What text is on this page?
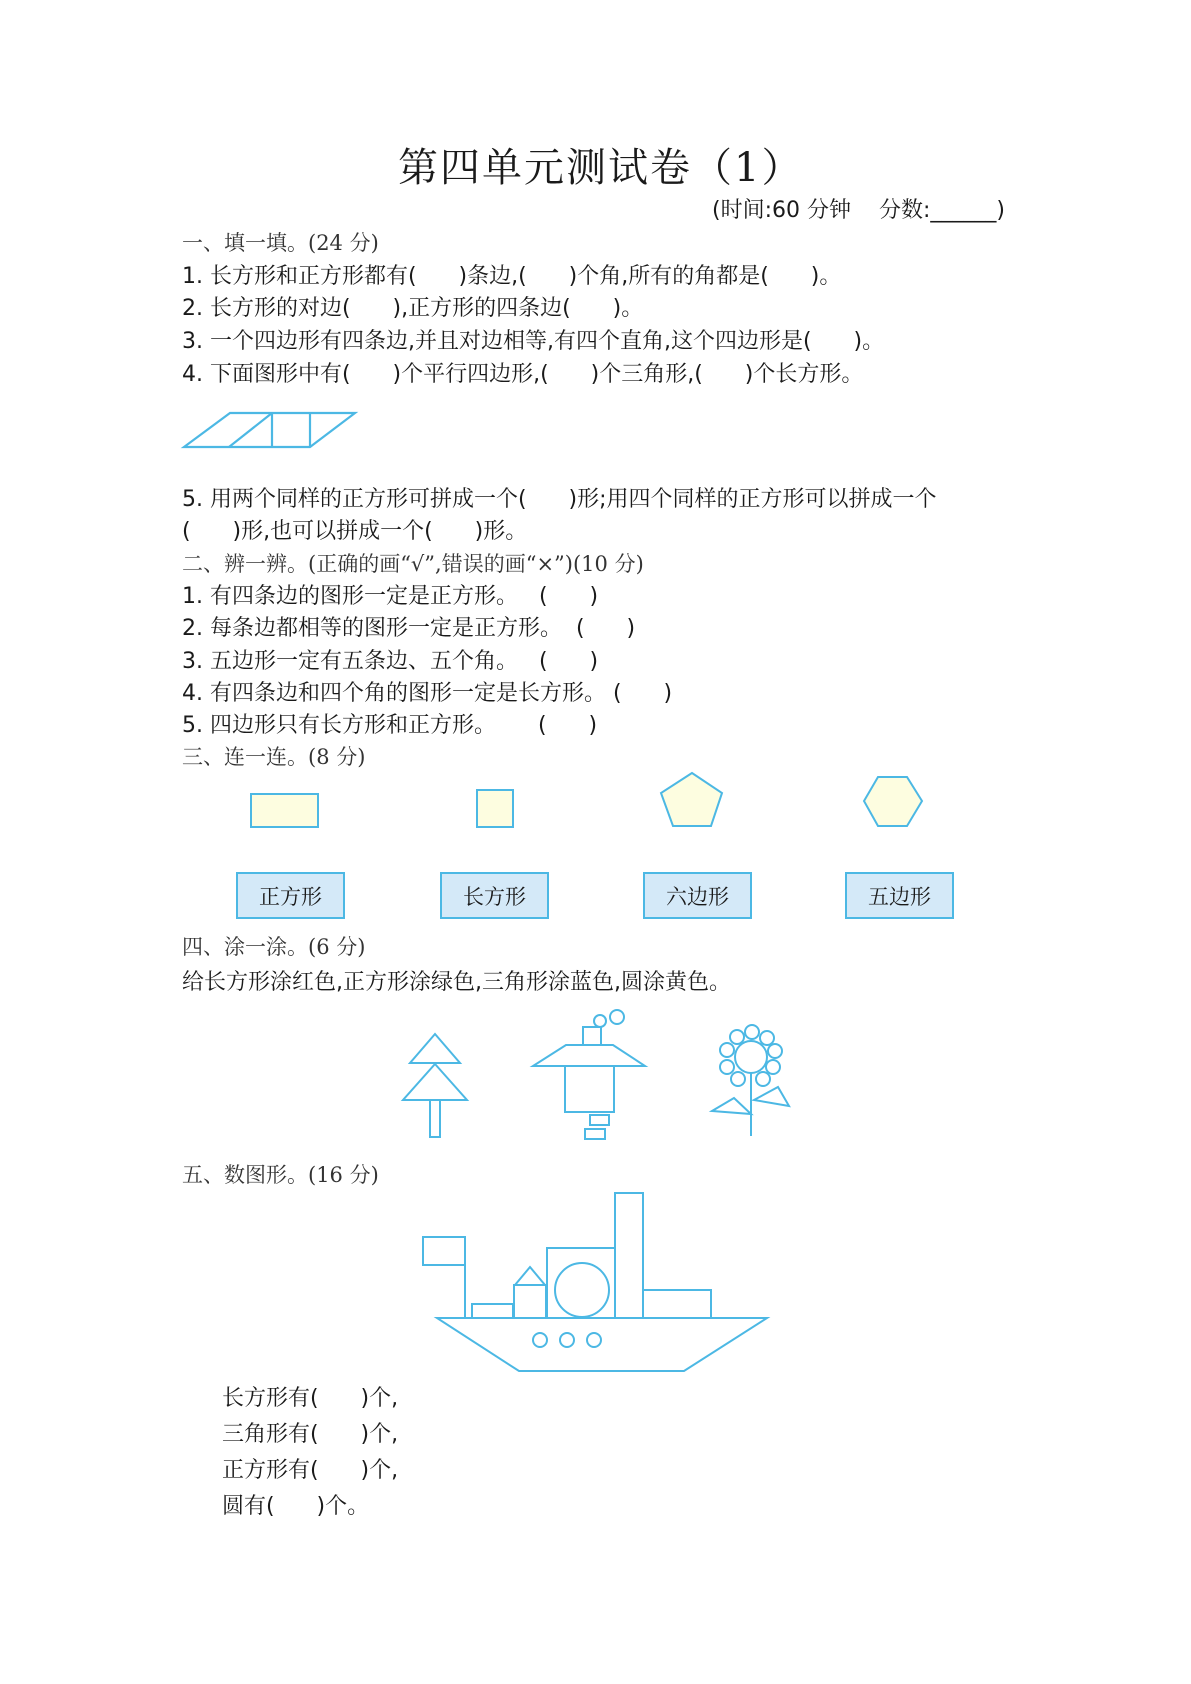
第四单元测试卷（1）
(时间:60 分钟    分数:______)
一、填一填。(24 分)
1. 长方形和正方形都有(      )条边,(      )个角,所有的角都是(      )。
2. 长方形的对边(      ),正方形的四条边(      )。
3. 一个四边形有四条边,并且对边相等,有四个直角,这个四边形是(      )。
4. 下面图形中有(      )个平行四边形,(      )个三角形,(      )个长方形。
5. 用两个同样的正方形可拼成一个(      )形;用四个同样的正方形可以拼成一个
(      )形,也可以拼成一个(      )形。
二、辨一辨。(正确的画“√”,错误的画“×”)(10 分)
1. 有四条边的图形一定是正方形。   (      )
2. 每条边都相等的图形一定是正方形。  (      )
3. 五边形一定有五条边、五个角。   (      )
4. 有四条边和四个角的图形一定是长方形。 (      )
5. 四边形只有长方形和正方形。      (      )
三、连一连。(8 分)
正方形	长方形	六边形	五边形
四、涂一涂。(6 分)
给长方形涂红色,正方形涂绿色,三角形涂蓝色,圆涂黄色。
五、数图形。(16 分)
长方形有(      )个,
三角形有(      )个,
正方形有(      )个,
圆有(      )个。
